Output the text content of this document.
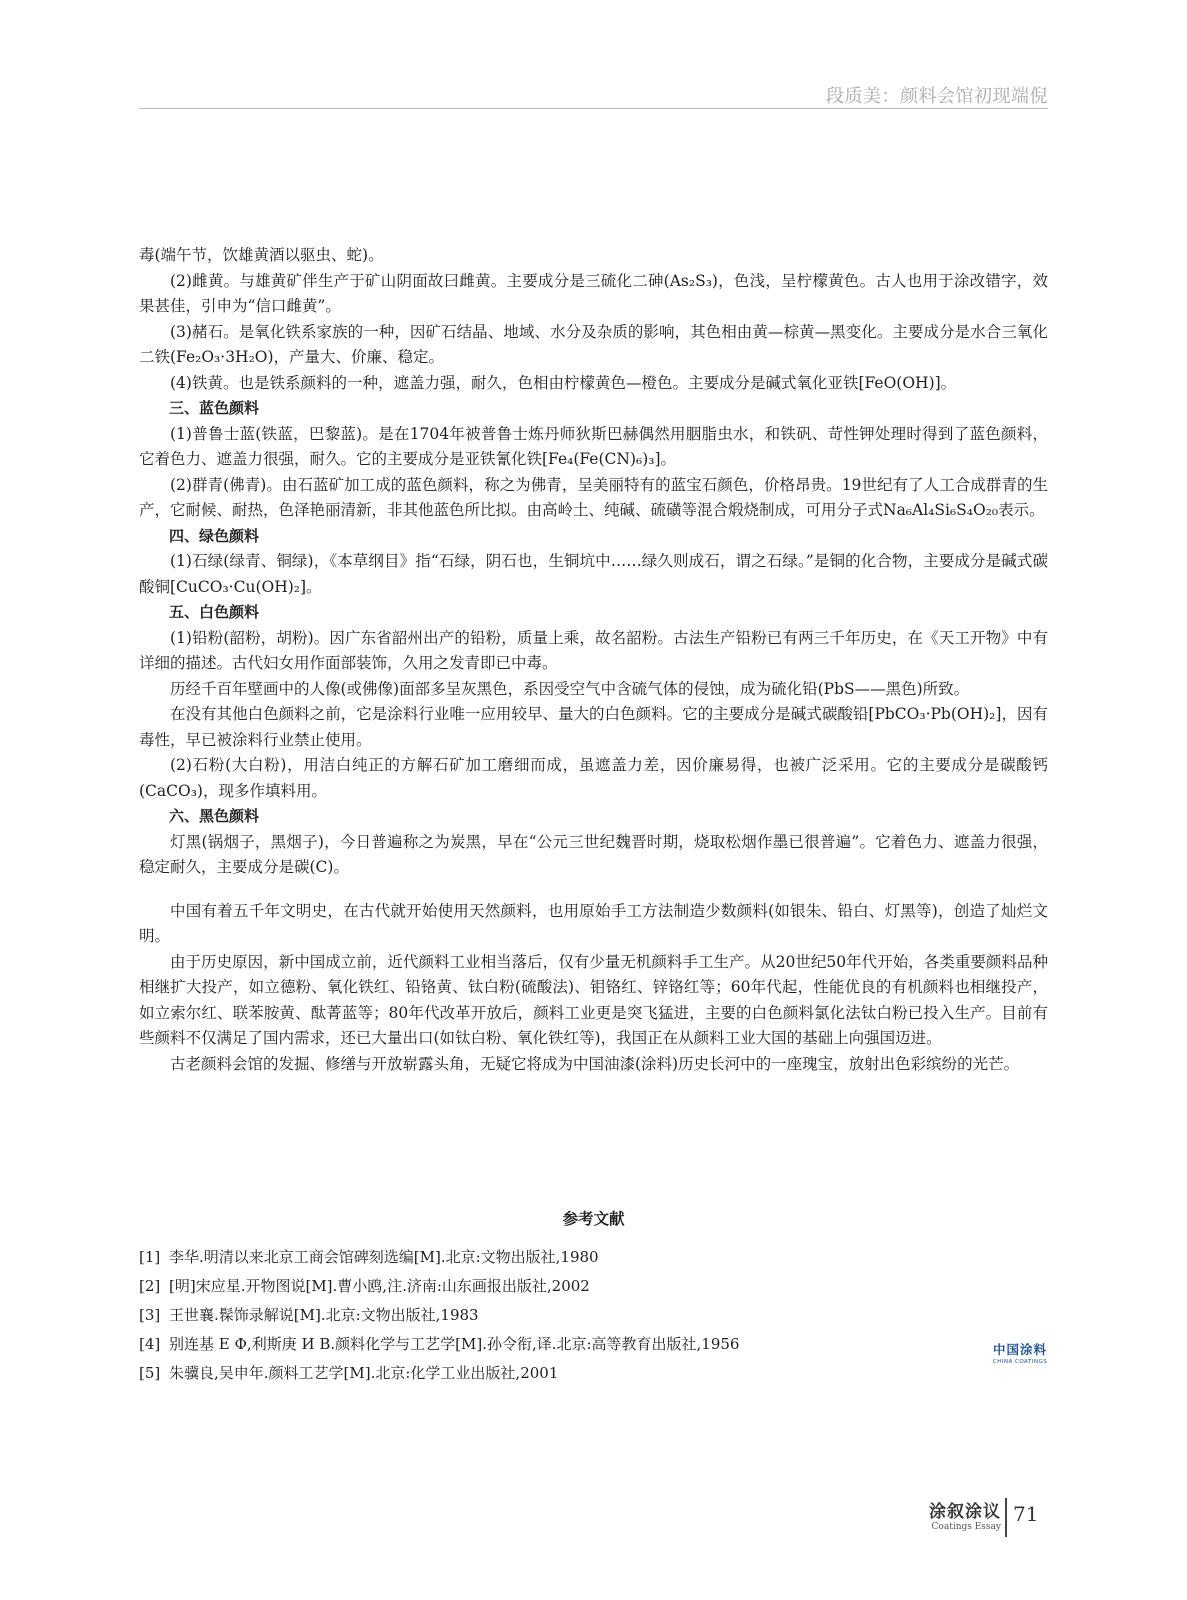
段质美：颜料会馆初现端倪

毒(端午节，饮雄黄酒以驱虫、蛇)。

(2)雌黄。与雄黄矿伴生产于矿山阴面故曰雌黄。主要成分是三硫化二砷(As₂S₃)，色浅，呈柠檬黄色。古人也用于涂改错字，效果甚佳，引申为“信口雌黄”。

(3)赭石。是氧化铁系家族的一种，因矿石结晶、地域、水分及杂质的影响，其色相由黄—棕黄—黑变化。主要成分是水合三氧化二铁(Fe₂O₃·3H₂O)，产量大、价廉、稳定。

(4)铁黄。也是铁系颜料的一种，遮盖力强，耐久，色相由柠檬黄色—橙色。主要成分是碱式氧化亚铁[FeO(OH)]。

三、蓝色颜料

(1)普鲁士蓝(铁蓝，巴黎蓝)。是在1704年被普鲁士炼丹师狄斯巴赫偶然用胭脂虫水，和铁矾、苛性钾处理时得到了蓝色颜料，它着色力、遮盖力很强，耐久。它的主要成分是亚铁氰化铁[Fe₄(Fe(CN)₆)₃]。

(2)群青(佛青)。由石蓝矿加工成的蓝色颜料，称之为佛青，呈美丽特有的蓝宝石颜色，价格昂贵。19世纪有了人工合成群青的生产，它耐候、耐热，色泽艳丽清新，非其他蓝色所比拟。由高岭土、纯碱、硫磺等混合煅烧制成，可用分子式Na₆Al₄Si₆S₄O₂₀表示。

四、绿色颜料

(1)石绿(绿青、铜绿)，《本草纲目》指“石绿，阴石也，生铜坑中……绿久则成石，谓之石绿。”是铜的化合物，主要成分是碱式碳酸铜[CuCO₃·Cu(OH)₂]。

五、白色颜料

(1)铅粉(韶粉，胡粉)。因广东省韶州出产的铅粉，质量上乘，故名韶粉。古法生产铅粉已有两三千年历史，在《天工开物》中有详细的描述。古代妇女用作面部装饰，久用之发青即已中毒。

历经千百年壁画中的人像(或佛像)面部多呈灰黑色，系因受空气中含硫气体的侵蚀，成为硫化铅(PbS——黑色)所致。

在没有其他白色颜料之前，它是涂料行业唯一应用较早、量大的白色颜料。它的主要成分是碱式碳酸铅[PbCO₃·Pb(OH)₂]，因有毒性，早已被涂料行业禁止使用。

(2)石粉(大白粉)，用洁白纯正的方解石矿加工磨细而成，虽遮盖力差，因价廉易得，也被广泛采用。它的主要成分是碳酸钙(CaCO₃)，现多作填料用。

六、黑色颜料

灯黑(锅烟子，黑烟子)，今日普遍称之为炭黑，早在“公元三世纪魏晋时期，烧取松烟作墨已很普遍”。它着色力、遮盖力很强，稳定耐久，主要成分是碳(C)。

中国有着五千年文明史，在古代就开始使用天然颜料，也用原始手工方法制造少数颜料(如银朱、铅白、灯黑等)，创造了灿烂文明。

由于历史原因，新中国成立前，近代颜料工业相当落后，仅有少量无机颜料手工生产。从20世纪50年代开始，各类重要颜料品种相继扩大投产，如立德粉、氧化铁红、铅铬黄、钛白粉(硫酸法)、钼铬红、锌铬红等；60年代起，性能优良的有机颜料也相继投产，如立索尔红、联苯胺黄、酞菁蓝等；80年代改革开放后，颜料工业更是突飞猛进，主要的白色颜料氯化法钛白粉已投入生产。目前有些颜料不仅满足了国内需求，还已大量出口(如钛白粉、氧化铁红等)，我国正在从颜料工业大国的基础上向强国迈进。

古老颜料会馆的发掘、修缮与开放崭露头角，无疑它将成为中国油漆(涂料)历史长河中的一座瑰宝，放射出色彩缤纷的光芒。

参考文献
[1] 李华.明清以来北京工商会馆碑刻选编[M].北京:文物出版社,1980
[2] [明]宋应星.开物图说[M].曹小鸥,注.济南:山东画报出版社,2002
[3] 王世襄.髹饰录解说[M].北京:文物出版社,1983
[4] 别连基 E Ф,利斯庚 И В.颜料化学与工艺学[M].孙令衔,译.北京:高等教育出版社,1956
[5] 朱骥良,吴申年.颜料工艺学[M].北京:化学工业出版社,2001
中国涂料
CHINA COATINGS
涂叙涂议
Coatings Essay
71
